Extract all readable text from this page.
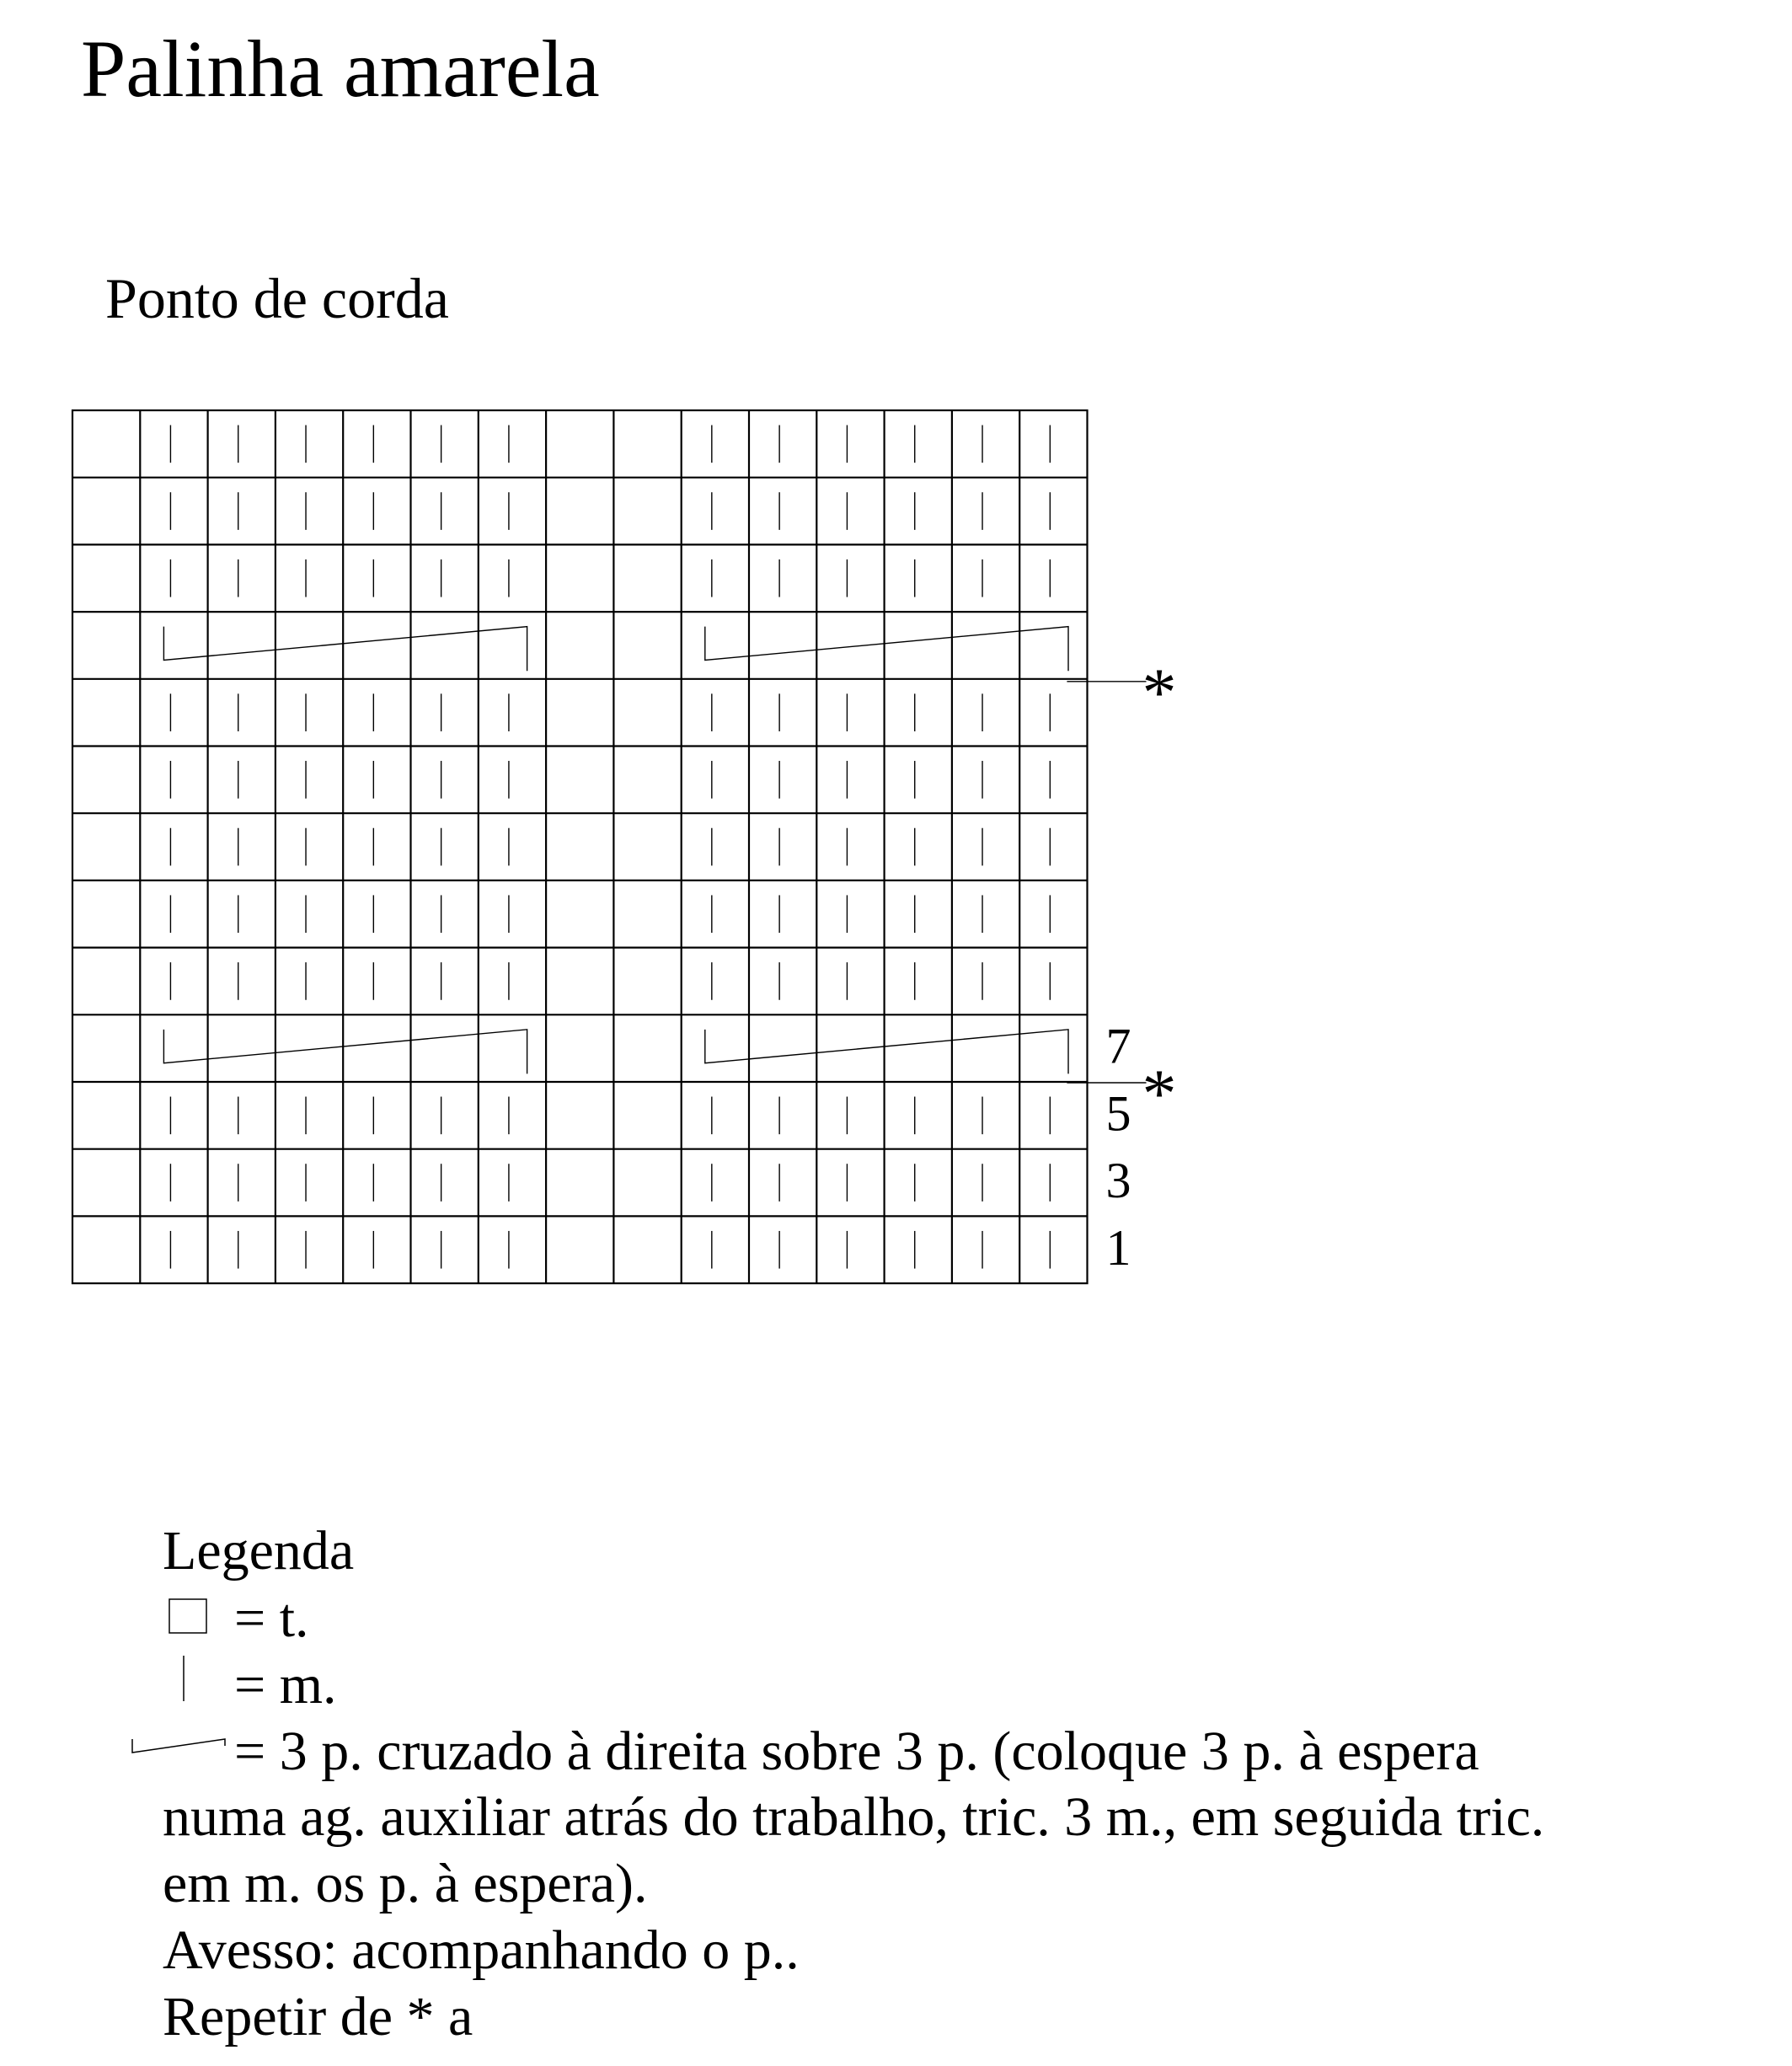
Palinha amarela
Ponto de corda
7
5
3
1
*
*
Legenda
= t.
= m.
= 3 p. cruzado à direita sobre 3 p. (coloque 3 p. à espera
numa ag. auxiliar atrás do trabalho, tric. 3 m., em seguida tric.
em m. os p. à espera).
Avesso: acompanhando o p..
Repetir de * a
